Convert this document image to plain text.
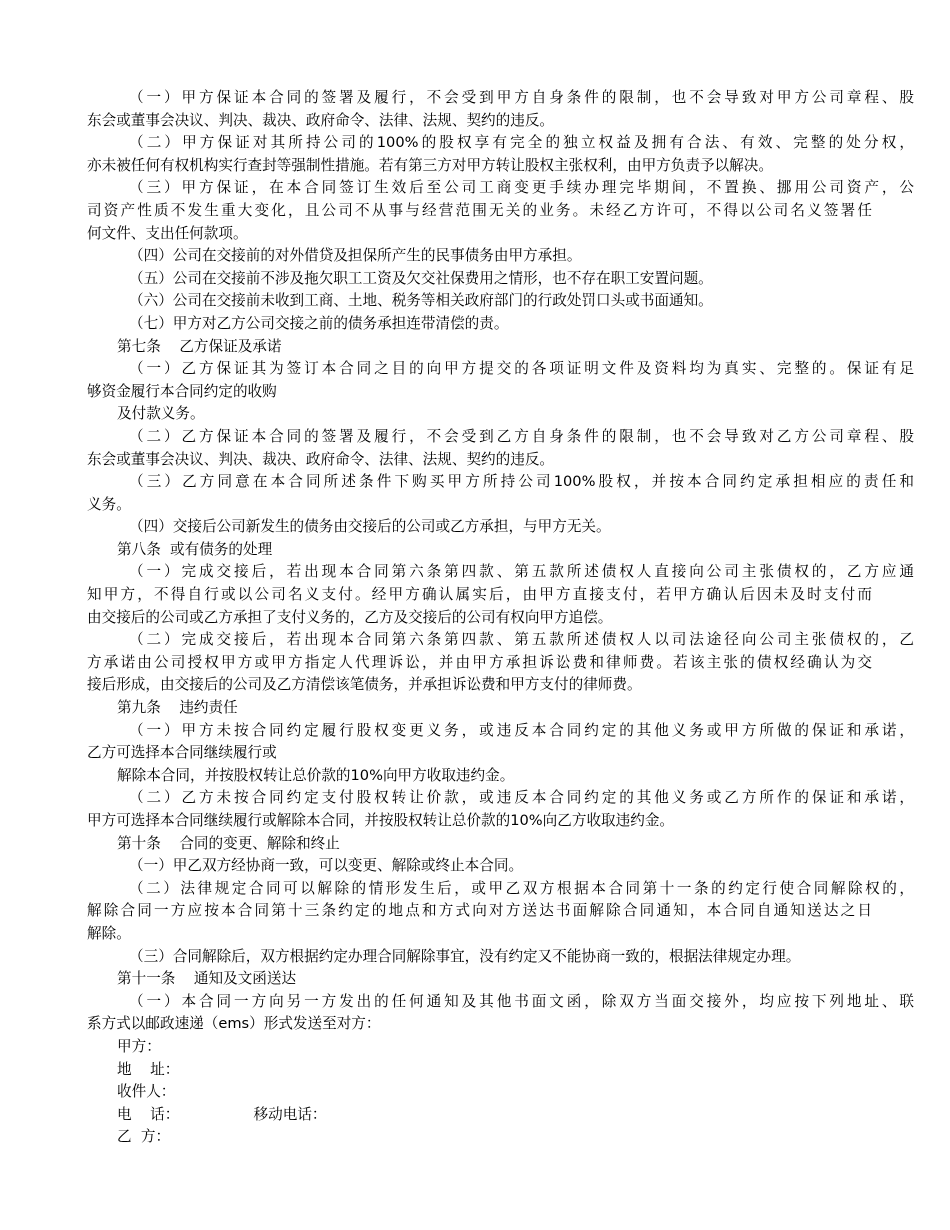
（一）甲方保证本合同的签署及履行，不会受到甲方自身条件的限制，也不会导致对甲方公司章程、股
东会或董事会决议、判决、裁决、政府命令、法律、法规、契约的违反。
（二）甲方保证对其所持公司的100%的股权享有完全的独立权益及拥有合法、有效、完整的处分权，
亦未被任何有权机构实行查封等强制性措施。若有第三方对甲方转让股权主张权利，由甲方负责予以解决。
（三）甲方保证，在本合同签订生效后至公司工商变更手续办理完毕期间，不置换、挪用公司资产，公
司资产性质不发生重大变化，且公司不从事与经营范围无关的业务。未经乙方许可，不得以公司名义签署任
何文件、支出任何款项。
（四）公司在交接前的对外借贷及担保所产生的民事债务由甲方承担。
（五）公司在交接前不涉及拖欠职工工资及欠交社保费用之情形，也不存在职工安置问题。
（六）公司在交接前未收到工商、土地、税务等相关政府部门的行政处罚口头或书面通知。
（七）甲方对乙方公司交接之前的债务承担连带清偿的责。
第七条    乙方保证及承诺
（一）乙方保证其为签订本合同之目的向甲方提交的各项证明文件及资料均为真实、完整的。保证有足
够资金履行本合同约定的收购
及付款义务。
（二）乙方保证本合同的签署及履行，不会受到乙方自身条件的限制，也不会导致对乙方公司章程、股
东会或董事会决议、判决、裁决、政府命令、法律、法规、契约的违反。
（三）乙方同意在本合同所述条件下购买甲方所持公司100%股权，并按本合同约定承担相应的责任和
义务。
（四）交接后公司新发生的债务由交接后的公司或乙方承担，与甲方无关。
第八条  或有债务的处理
（一）完成交接后，若出现本合同第六条第四款、第五款所述债权人直接向公司主张债权的，乙方应通
知甲方，不得自行或以公司名义支付。经甲方确认属实后，由甲方直接支付，若甲方确认后因未及时支付而
由交接后的公司或乙方承担了支付义务的，乙方及交接后的公司有权向甲方追偿。
（二）完成交接后，若出现本合同第六条第四款、第五款所述债权人以司法途径向公司主张债权的，乙
方承诺由公司授权甲方或甲方指定人代理诉讼，并由甲方承担诉讼费和律师费。若该主张的债权经确认为交
接后形成，由交接后的公司及乙方清偿该笔债务，并承担诉讼费和甲方支付的律师费。
第九条    违约责任
（一）甲方未按合同约定履行股权变更义务，或违反本合同约定的其他义务或甲方所做的保证和承诺，
乙方可选择本合同继续履行或
解除本合同，并按股权转让总价款的10%向甲方收取违约金。
（二）乙方未按合同约定支付股权转让价款，或违反本合同约定的其他义务或乙方所作的保证和承诺，
甲方可选择本合同继续履行或解除本合同，并按股权转让总价款的10%向乙方收取违约金。
第十条    合同的变更、解除和终止
（一）甲乙双方经协商一致，可以变更、解除或终止本合同。
（二）法律规定合同可以解除的情形发生后，或甲乙双方根据本合同第十一条的约定行使合同解除权的，
解除合同一方应按本合同第十三条约定的地点和方式向对方送达书面解除合同通知，本合同自通知送达之日
解除。
（三）合同解除后，双方根据约定办理合同解除事宜，没有约定又不能协商一致的，根据法律规定办理。
第十一条    通知及文函送达
（一）本合同一方向另一方发出的任何通知及其他书面文函，除双方当面交接外，均应按下列地址、联
系方式以邮政速递（ems）形式发送至对方：
甲方：
地    址：
收件人：
电    话：                移动电话：
乙  方：
